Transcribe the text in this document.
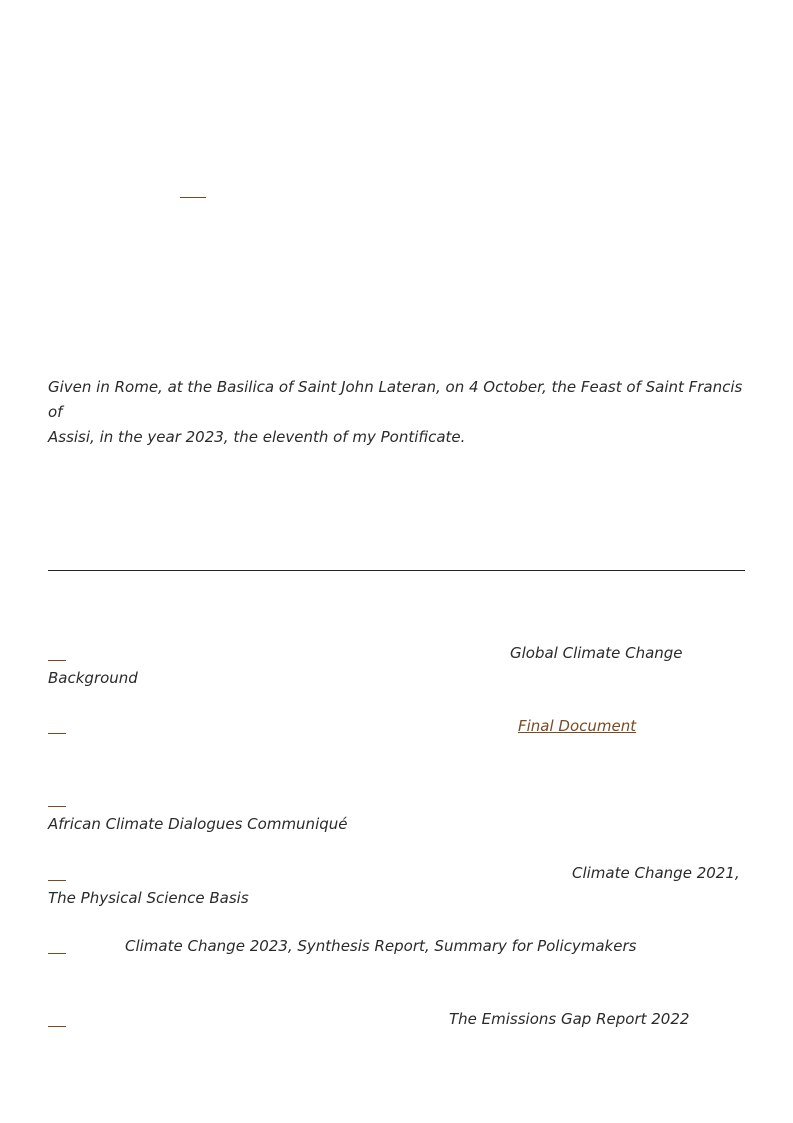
Given in Rome, at the Basilica of Saint John Lateran, on 4 October, the Feast of Saint Francis of
Assisi, in the year 2023, the eleventh of my Pontificate.
Global Climate Change
Background
Final Document
African Climate Dialogues Communiqué
Climate Change 2021,
The Physical Science Basis
Climate Change 2023, Synthesis Report, Summary for Policymakers
The Emissions Gap Report 2022
